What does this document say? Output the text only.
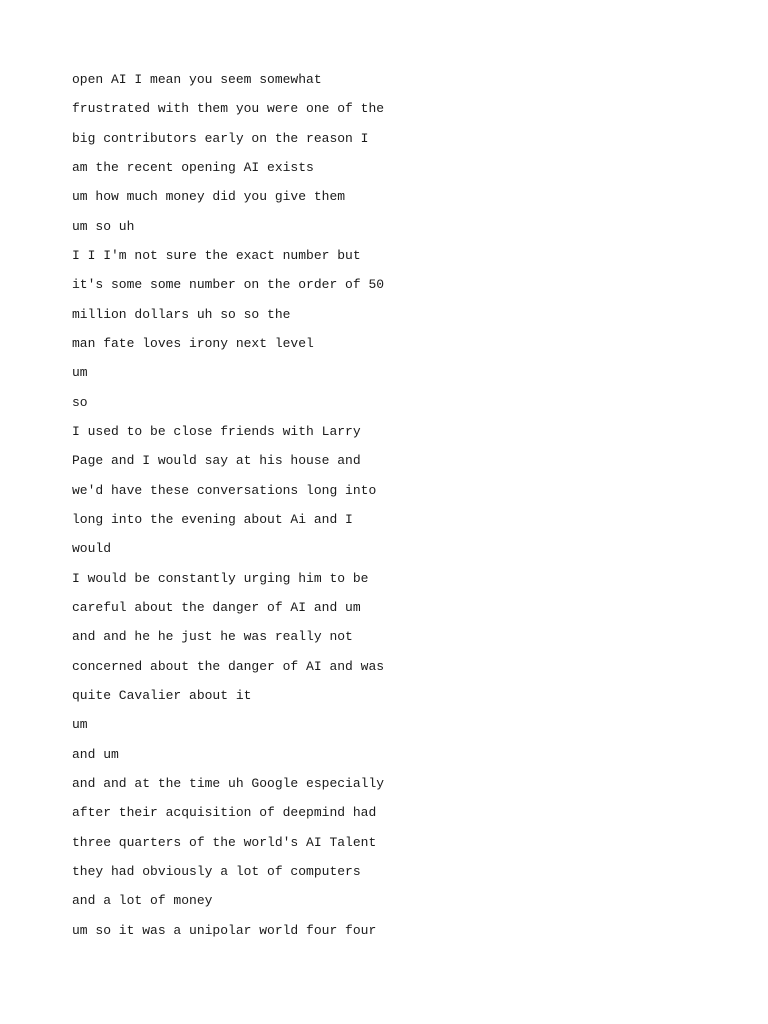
open AI I mean you seem somewhat
frustrated with them you were one of the
big contributors early on the reason I
am the recent opening AI exists
um how much money did you give them
um so uh
I I I'm not sure the exact number but
it's some some number on the order of 50
million dollars uh so so the
man fate loves irony next level
um
so
I used to be close friends with Larry
Page and I would say at his house and
we'd have these conversations long into
long into the evening about Ai and I
would
I would be constantly urging him to be
careful about the danger of AI and um
and and he he just he was really not
concerned about the danger of AI and was
quite Cavalier about it
um
and um
and and at the time uh Google especially
after their acquisition of deepmind had
three quarters of the world's AI Talent
they had obviously a lot of computers
and a lot of money
um so it was a unipolar world four four
